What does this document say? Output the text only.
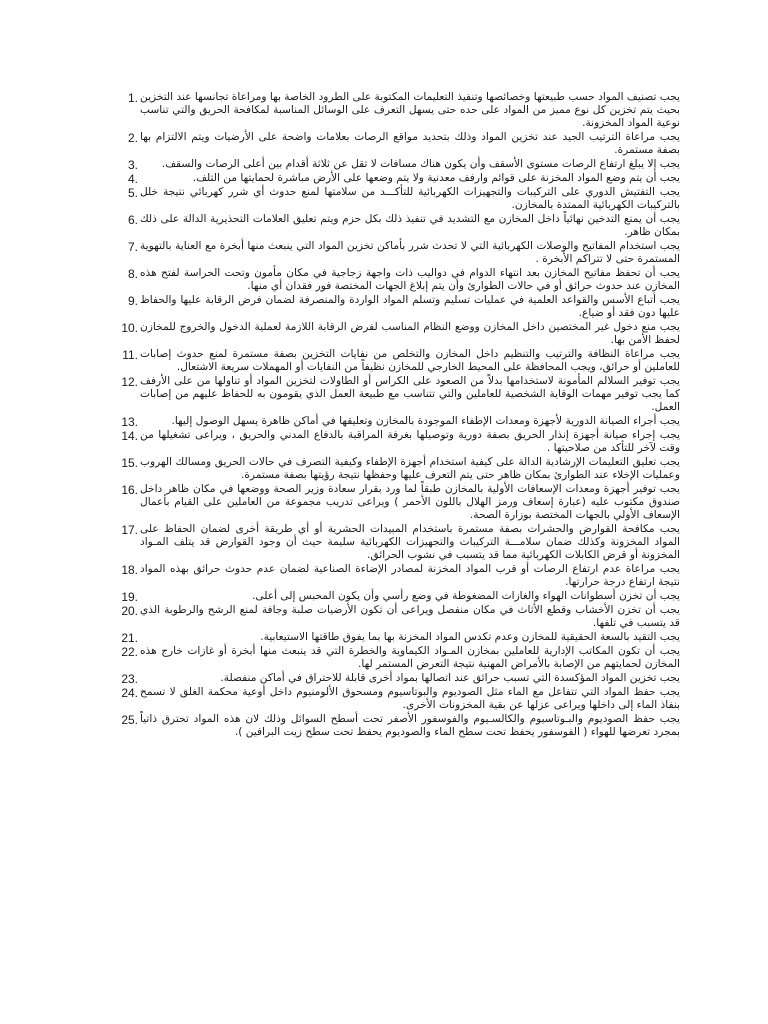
1. يجب تصنيف المواد حسب طبيعتها وخصائصها وتنفيذ التعليمات المكتوبة على الطرود الخاصة بها ومراعاة تجانسها عند التخزين بحيث يتم تخزين كل نوع مميز من المواد على حده حتى يسهل التعرف على الوسائل المناسبة لمكافحة الحريق والتي تناسب نوعية المواد المخزونة.
2. يجب مراعاة الترتيب الجيد عند تخزين المواد وذلك بتحديد مواقع الرصات بعلامات واضحة على الأرضيات ويتم الالتزام بها بصفة مستمرة.
3.	يجب إلا يبلغ ارتفاع الرصات مستوى الأسقف وأن يكون هناك مسافات لا تقل عن ثلاثة أقدام بين أعلى الرصات والسقف.
4.	يجب أن يتم وضع المواد المخزنة على قوائم وارفف معدنية ولا يتم وضعها على الأرض مباشرة لحمايتها من التلف.
5. يجب التفتيش الدوري على التركيبات والتجهيزات الكهربائية للتأكـــد من سلامتها لمنع حدوث أي شرر كهربائي نتيجة خلل بالتركيبات الكهربائية الممتدة بالمخازن.
6. يجب أن يمنع التدخين نهائياً داخل المخازن مع التشديد في تنفيذ ذلك بكل حزم ويتم تعليق العلامات التحذيرية الدالة على ذلك بمكان ظاهر.
7. يجب استخدام المفاتيح والوصلات الكهربائية التي لا تحدث شرر بأماكن تخزين المواد التي ينبعث منها أبخرة مع العناية بالتهوية المستمرة حتى لا تتراكم الأبخرة .
8. يجب أن تحفظ مفاتيح المخازن بعد انتهاء الدوام في دواليب ذات واجهة زجاجية في مكان مأمون وتحت الحراسة لفتح هذه المخازن عند حدوث حرائق أو في حالات الطوارئ وأن يتم إبلاغ الجهات المختصة فور فقدان أي منها.
9. يجب أتباع الأسس والقواعد العلمية في عمليات تسليم وتسلم المواد الواردة والمنصرفة لضمان فرض الرقابة عليها والحفاظ عليها دون فقد أو ضياع.
10. يجب منع دخول غير المختصين داخل المخازن ووضع النظام المناسب لفرض الرقابة اللازمة لعملية الدخول والخروج للمخازن لحفظ الأمن بها.
11. يجب مراعاة النظافة والترتيب والتنظيم داخل المخازن والتخلص من نفايات التخزين بصفة مستمرة لمنع حدوث إصابات للعاملين أو حرائق، ويجب المحافظة على المحيط الخارجي للمخازن نظيفاً من النفايات أو المهملات سريعة الاشتعال.
12. يجب توفير السلالم المأمونة لاستخدامها بدلاً من الصعود على الكراس أو الطاولات لتخزين المواد أو تناولها من على الأرفف كما يجب توفير مهمات الوقاية الشخصية للعاملين والتي تتناسب مع طبيعة العمل الذي يقومون به للحفاظ عليهم من إصابات العمل.
13.	يجب أجراء الصيانة الدورية لأجهزة ومعدات الإطفاء الموجودة بالمخازن وتعليقها في أماكن ظاهرة يسهل الوصول إليها.
14. يجب إجراء صيانة أجهزة إنذار الحريق بصفة دورية وتوصيلها بغرفة المراقبة بالدفاع المدني والحريق ، ويراعى تشغيلها من وقت لآخر للتأكد من صلاحيتها .
15. يجب تعليق التعليمات الإرشادية الدالة على كيفية استخدام أجهزة الإطفاء وكيفية التصرف في حالات الحريق ومسالك الهروب وعمليات الإخلاء عند الطوارئ بمكان ظاهر حتى يتم التعرف عليها وحفظها نتيجة رؤيتها بصفة مستمرة.
16. يجب توفير أجهزة ومعدات الإسعافات الأولية بالمخازن طبقاً لما ورد بقرار سعادة وزير الصحة ووضعها في مكان ظاهر داخل صندوق مكتوب عليه (عبارة إسعاف ورمز الهلال باللون الأحمر ) ويراعى تدريب مجموعة من العاملين على القيام بأعمال الإسعاف الأولي بالجهات المختصة بوزارة الصحة.
17. يجب مكافحة القوارض والحشرات بصفة مستمرة باستخدام المبيدات الحشرية أو أي طريقة أخرى لضمان الحفاظ على المواد المخزونة وكذلك ضمان سلامـــة التركيبات والتجهيزات الكهربائية سليمة حيث أن وجود القوارض قد يتلف المـواد المخزونة أو قرض الكابلات الكهربائية مما قد يتسبب في نشوب الحرائق.
18. يجب مراعاة عدم ارتفاع الرصات أو قرب المواد المخزنة لمصادر الإضاءة الصناعية لضمان عدم حدوث حرائق بهذه المواد نتيجة ارتفاع درجة حرارتها.
19.	يجب أن تخزن أسطوانات الهواء والغازات المضغوطة في وضع رأسي وأن يكون المحبس إلى أعلى.
20. يجب أن تخزن الأخشاب وقطع الأثاث في مكان منفصل ويراعى أن تكون الأرضيات صلبة وجافة لمنع الرشح والرطوبة الذي قد يتسبب في تلفها.
21.	يجب التقيد بالسعة الحقيقية للمخازن وعدم تكدس المواد المخزنة بها بما يفوق طاقتها الاستيعابية.
22. يجب أن تكون المكاتب الإدارية للعاملين بمخازن المـواد الكيماوية والخطرة التي قد ينبعث منها أبخرة أو غازات خارج هذه المخازن لحمايتهم من الإصابة بالأمراض المهنية نتيجة التعرض المستمر لها.
23.	يجب تخزين المواد المؤكسدة التي تسبب حرائق عند اتصالها بمواد أخرى قابلة للاحتراق في أماكن منفصلة.
24. يجب حفظ المواد التي تتفاعل مع الماء مثل الصوديوم والبوتاسيوم ومسحوق الألومنيوم داخل أوعية محكمة الغلق لا تسمح بنفاذ الماء إلى داخلها ويراعى عزلها عن بقية المخزونات الأخرى.
25. يجب حفظ الصوديوم والبـوتاسيوم والكالسـيوم والفوسفور الأصفر تحت أسطح السوائل وذلك لان هذه المواد تحترق ذاتياً بمجرد تعرضها للهواء ( الفوسفور يحفظ تحت سطح الماء والصوديوم يحفظ تحت سطح زيت البرافين ).
